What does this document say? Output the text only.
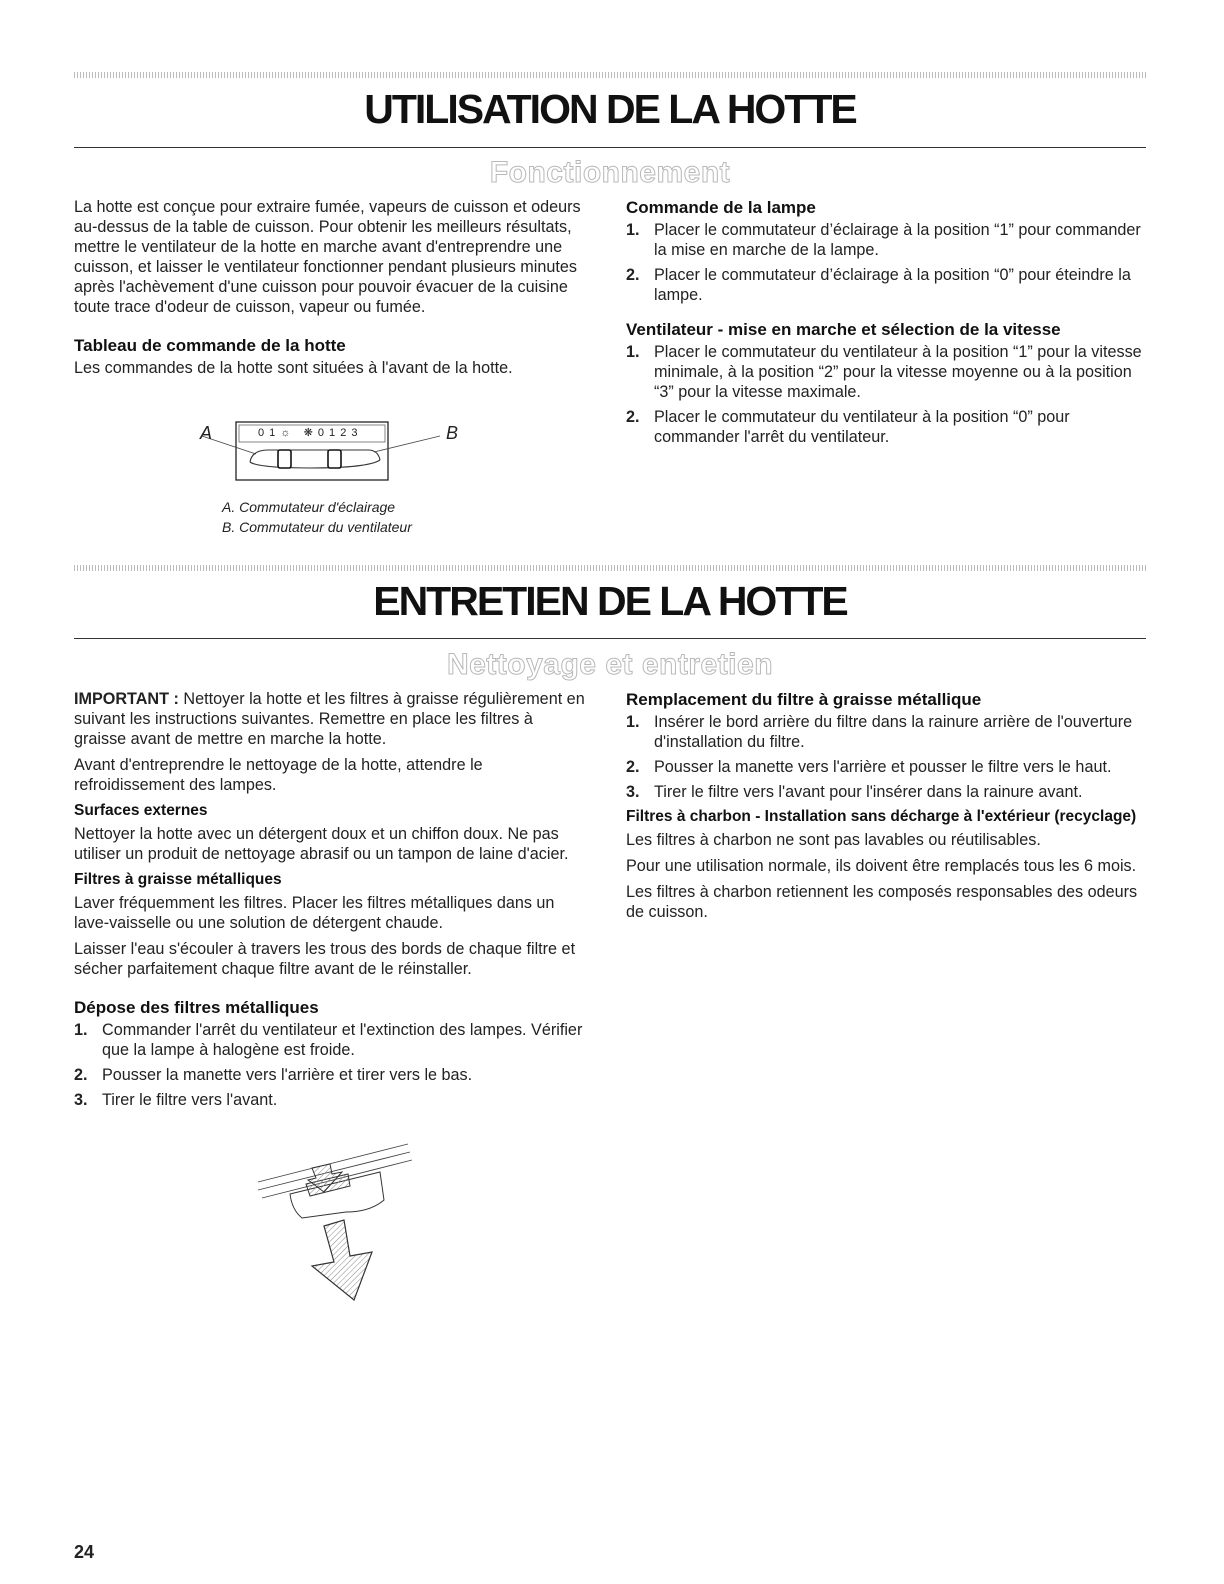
UTILISATION DE LA HOTTE
Fonctionnement

La hotte est conçue pour extraire fumée, vapeurs de cuisson et odeurs au-dessus de la table de cuisson. Pour obtenir les meilleurs résultats, mettre le ventilateur de la hotte en marche avant d'entreprendre une cuisson, et laisser le ventilateur fonctionner pendant plusieurs minutes après l'achèvement d'une cuisson pour pouvoir évacuer de la cuisine toute trace d'odeur de cuisson, vapeur ou fumée.

Tableau de commande de la hotte

Les commandes de la hotte sont situées à l'avant de la hotte.

A	B
0 1 ☼   ❋ 0 1 2 3
A. Commutateur d'éclairage
B. Commutateur du ventilateur
Commande de la lampe
1. Placer le commutateur d’éclairage à la position “1” pour commander la mise en marche de la lampe.
2. Placer le commutateur d’éclairage à la position “0” pour éteindre la lampe.
Ventilateur - mise en marche et sélection de la vitesse
1. Placer le commutateur du ventilateur à la position “1” pour la vitesse minimale, à la position “2” pour la vitesse moyenne ou à la position “3” pour la vitesse maximale.
2. Placer le commutateur du ventilateur à la position “0” pour commander l'arrêt du ventilateur.
ENTRETIEN DE LA HOTTE
Nettoyage et entretien

IMPORTANT : Nettoyer la hotte et les filtres à graisse régulièrement en suivant les instructions suivantes. Remettre en place les filtres à graisse avant de mettre en marche la hotte.

Avant d'entreprendre le nettoyage de la hotte, attendre le refroidissement des lampes.

Surfaces externes

Nettoyer la hotte avec un détergent doux et un chiffon doux. Ne pas utiliser un produit de nettoyage abrasif ou un tampon de laine d'acier.

Filtres à graisse métalliques

Laver fréquemment les filtres. Placer les filtres métalliques dans un lave-vaisselle ou une solution de détergent chaude.

Laisser l'eau s'écouler à travers les trous des bords de chaque filtre et sécher parfaitement chaque filtre avant de le réinstaller.

Dépose des filtres métalliques
1. Commander l'arrêt du ventilateur et l'extinction des lampes. Vérifier que la lampe à halogène est froide.
2. Pousser la manette vers l'arrière et tirer vers le bas.
3. Tirer le filtre vers l'avant.
Remplacement du filtre à graisse métallique
1. Insérer le bord arrière du filtre dans la rainure arrière de l'ouverture d'installation du filtre.
2. Pousser la manette vers l'arrière et pousser le filtre vers le haut.
3. Tirer le filtre vers l'avant pour l'insérer dans la rainure avant.
Filtres à charbon - Installation sans décharge à l'extérieur (recyclage)

Les filtres à charbon ne sont pas lavables ou réutilisables.

Pour une utilisation normale, ils doivent être remplacés tous les 6 mois.

Les filtres à charbon retiennent les composés responsables des odeurs de cuisson.

24
